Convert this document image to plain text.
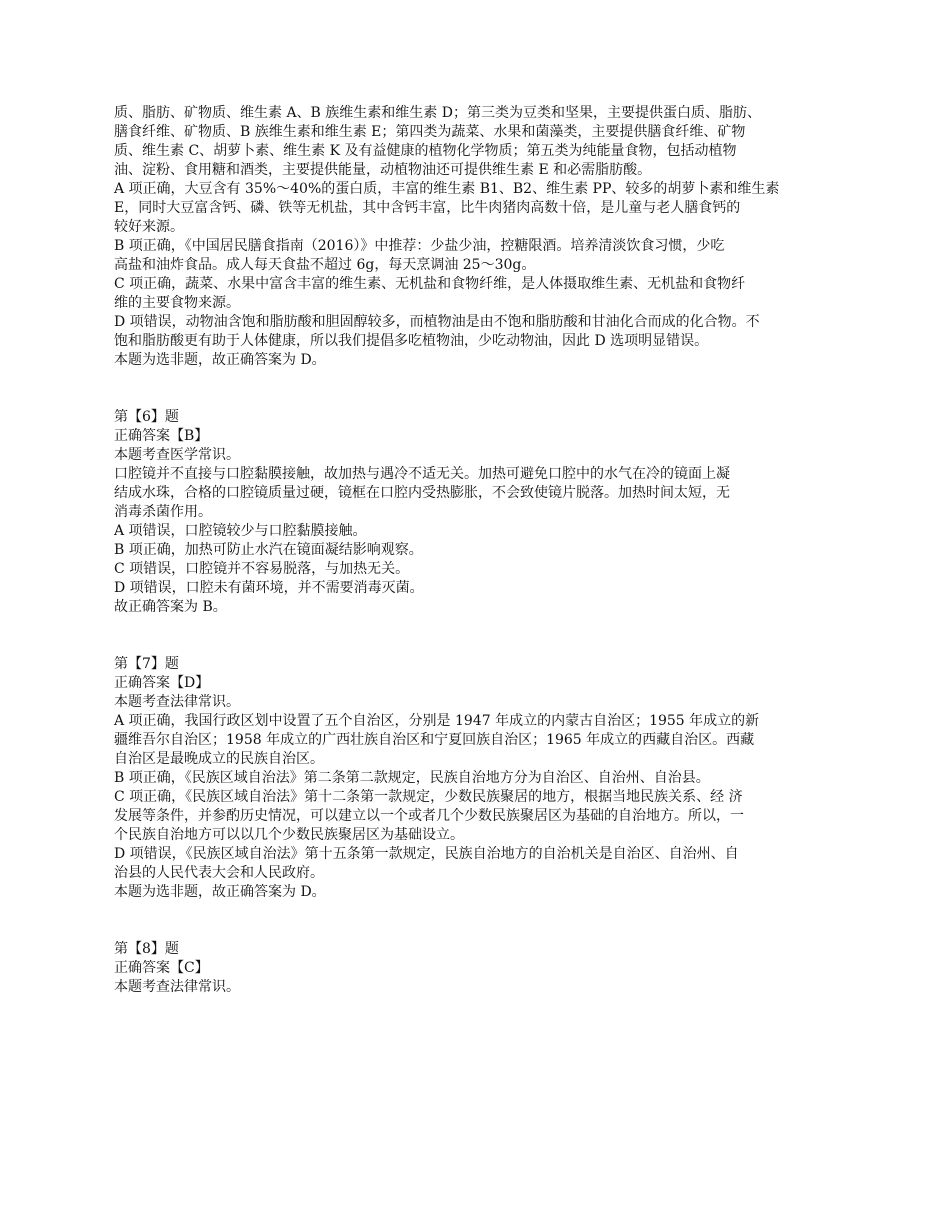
质、脂肪、矿物质、维生素 A、B 族维生素和维生素 D；第三类为豆类和坚果，主要提供蛋白质、脂肪、
膳食纤维、矿物质、B 族维生素和维生素 E；第四类为蔬菜、水果和菌藻类，主要提供膳食纤维、矿物
质、维生素 C、胡萝卜素、维生素 K 及有益健康的植物化学物质；第五类为纯能量食物，包括动植物
油、淀粉、食用糖和酒类，主要提供能量，动植物油还可提供维生素 E 和必需脂肪酸。
A 项正确，大豆含有 35%～40%的蛋白质，丰富的维生素 B1、B2、维生素 PP、较多的胡萝卜素和维生素
E，同时大豆富含钙、磷、铁等无机盐，其中含钙丰富，比牛肉猪肉高数十倍，是儿童与老人膳食钙的
较好来源。
B 项正确，《中国居民膳食指南（2016）》中推荐：少盐少油，控糖限酒。培养清淡饮食习惯，少吃
高盐和油炸食品。成人每天食盐不超过 6g，每天烹调油 25～30g。
C 项正确，蔬菜、水果中富含丰富的维生素、无机盐和食物纤维，是人体摄取维生素、无机盐和食物纤
维的主要食物来源。
D 项错误，动物油含饱和脂肪酸和胆固醇较多，而植物油是由不饱和脂肪酸和甘油化合而成的化合物。不
饱和脂肪酸更有助于人体健康，所以我们提倡多吃植物油，少吃动物油，因此 D 选项明显错误。
本题为选非题，故正确答案为 D。
第【6】题
正确答案【B】
本题考查医学常识。
口腔镜并不直接与口腔黏膜接触，故加热与遇冷不适无关。加热可避免口腔中的水气在冷的镜面上凝
结成水珠，合格的口腔镜质量过硬，镜框在口腔内受热膨胀，不会致使镜片脱落。加热时间太短，无
消毒杀菌作用。
A 项错误，口腔镜较少与口腔黏膜接触。
B 项正确，加热可防止水汽在镜面凝结影响观察。
C 项错误，口腔镜并不容易脱落，与加热无关。
D 项错误，口腔未有菌环境，并不需要消毒灭菌。
故正确答案为 B。
第【7】题
正确答案【D】
本题考查法律常识。
A 项正确，我国行政区划中设置了五个自治区，分别是 1947 年成立的内蒙古自治区；1955 年成立的新
疆维吾尔自治区；1958 年成立的广西壮族自治区和宁夏回族自治区；1965 年成立的西藏自治区。西藏
自治区是最晚成立的民族自治区。
B 项正确，《民族区域自治法》第二条第二款规定，民族自治地方分为自治区、自治州、自治县。
C 项正确，《民族区域自治法》第十二条第一款规定，少数民族聚居的地方，根据当地民族关系、经 济
发展等条件，并参酌历史情况，可以建立以一个或者几个少数民族聚居区为基础的自治地方。所以，一
个民族自治地方可以以几个少数民族聚居区为基础设立。
D 项错误，《民族区域自治法》第十五条第一款规定，民族自治地方的自治机关是自治区、自治州、自
治县的人民代表大会和人民政府。
本题为选非题，故正确答案为 D。
第【8】题
正确答案【C】
本题考查法律常识。
